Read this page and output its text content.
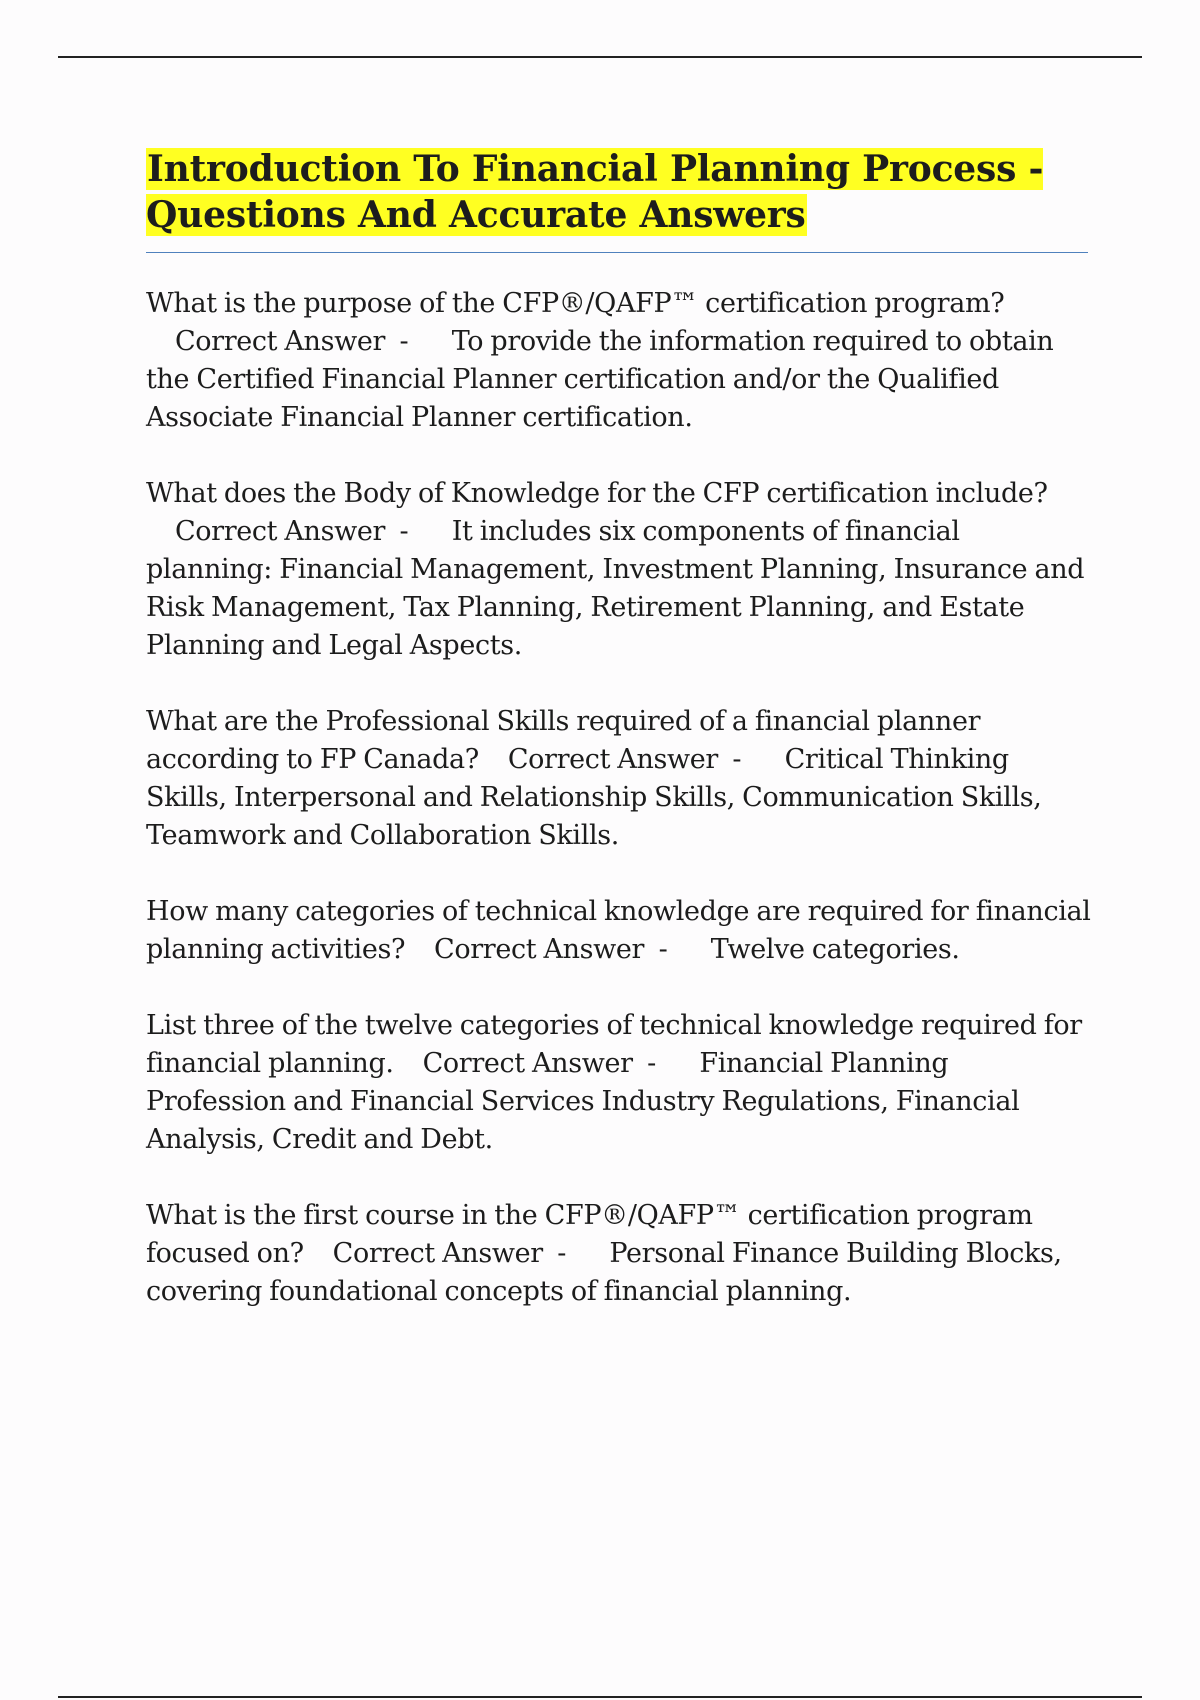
Introduction To Financial Planning Process - Questions And Accurate Answers

What is the purpose of the CFP®/QAFP™ certification program?    Correct Answer  -      To provide the information required to obtain the Certified Financial Planner certification and/or the Qualified Associate Financial Planner certification.

What does the Body of Knowledge for the CFP certification include?    Correct Answer  -      It includes six components of financial planning: Financial Management, Investment Planning, Insurance and Risk Management, Tax Planning, Retirement Planning, and Estate Planning and Legal Aspects.

What are the Professional Skills required of a financial planner according to FP Canada? Correct Answer  -      Critical Thinking Skills, Interpersonal and Relationship Skills, Communication Skills, Teamwork and Collaboration Skills.

How many categories of technical knowledge are required for financial planning activities? Correct Answer  -      Twelve categories.

List three of the twelve categories of technical knowledge required for financial planning. Correct Answer  -      Financial Planning Profession and Financial Services Industry Regulations, Financial Analysis, Credit and Debt.

What is the first course in the CFP®/QAFP™ certification program focused on? Correct Answer  -      Personal Finance Building Blocks, covering foundational concepts of financial planning.
